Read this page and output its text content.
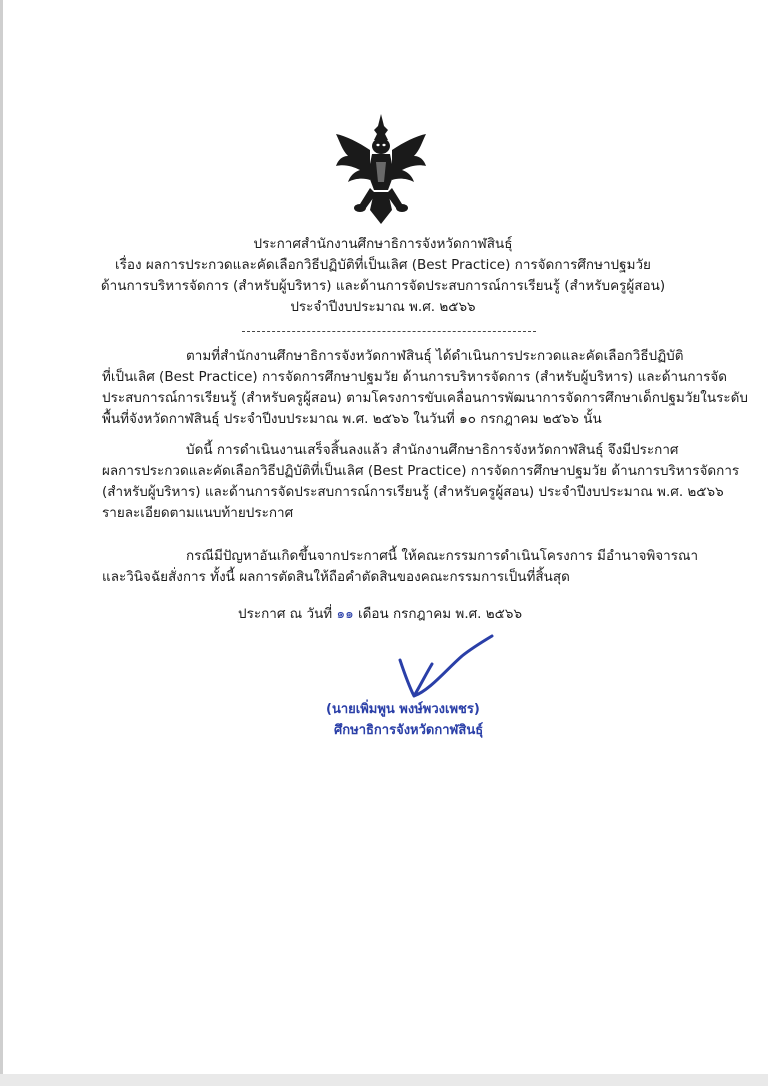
ประกาศสำนักงานศึกษาธิการจังหวัดกาฬสินธุ์
เรื่อง ผลการประกวดและคัดเลือกวิธีปฏิบัติที่เป็นเลิศ (Best Practice) การจัดการศึกษาปฐมวัย
ด้านการบริหารจัดการ (สำหรับผู้บริหาร) และด้านการจัดประสบการณ์การเรียนรู้ (สำหรับครูผู้สอน)
ประจำปีงบประมาณ พ.ศ. ๒๕๖๖
ตามที่สำนักงานศึกษาธิการจังหวัดกาฬสินธุ์ ได้ดำเนินการประกวดและคัดเลือกวิธีปฏิบัติ
ที่เป็นเลิศ (Best Practice) การจัดการศึกษาปฐมวัย ด้านการบริหารจัดการ (สำหรับผู้บริหาร) และด้านการจัด
ประสบการณ์การเรียนรู้ (สำหรับครูผู้สอน) ตามโครงการขับเคลื่อนการพัฒนาการจัดการศึกษาเด็กปฐมวัยในระดับ
พื้นที่จังหวัดกาฬสินธุ์ ประจำปีงบประมาณ พ.ศ. ๒๕๖๖ ในวันที่ ๑๐ กรกฎาคม ๒๕๖๖ นั้น
บัดนี้ การดำเนินงานเสร็จสิ้นลงแล้ว สำนักงานศึกษาธิการจังหวัดกาฬสินธุ์ จึงมีประกาศ
ผลการประกวดและคัดเลือกวิธีปฏิบัติที่เป็นเลิศ (Best Practice) การจัดการศึกษาปฐมวัย ด้านการบริหารจัดการ
(สำหรับผู้บริหาร) และด้านการจัดประสบการณ์การเรียนรู้ (สำหรับครูผู้สอน) ประจำปีงบประมาณ พ.ศ. ๒๕๖๖
รายละเอียดตามแนบท้ายประกาศ
กรณีมีปัญหาอันเกิดขึ้นจากประกาศนี้ ให้คณะกรรมการดำเนินโครงการ มีอำนาจพิจารณา
และวินิจฉัยสั่งการ ทั้งนี้ ผลการตัดสินให้ถือคำตัดสินของคณะกรรมการเป็นที่สิ้นสุด
ประกาศ ณ วันที่ ๑๑ เดือน กรกฎาคม พ.ศ. ๒๕๖๖
(นายเพิ่มพูน พงษ์พวงเพชร)
ศึกษาธิการจังหวัดกาฬสินธุ์
